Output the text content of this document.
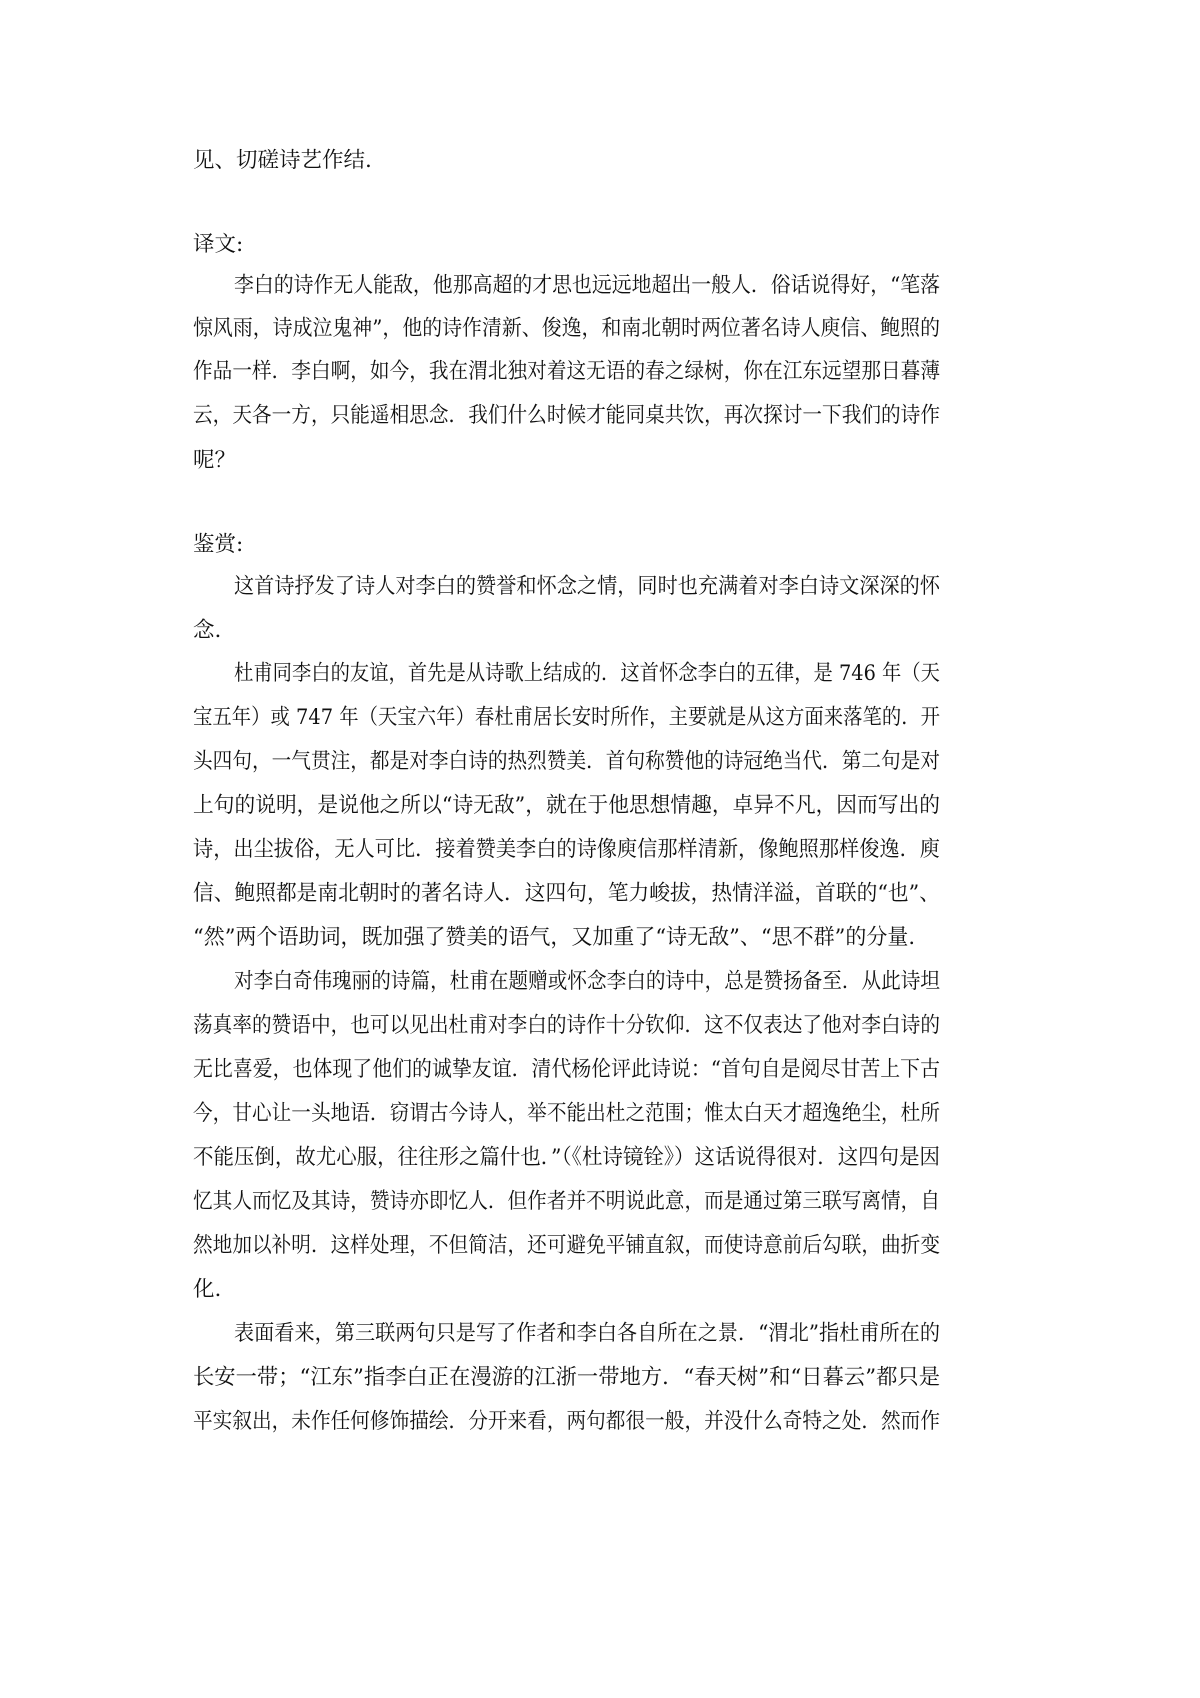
见、切磋诗艺作结.
译文:
李白的诗作无人能敌，他那高超的才思也远远地超出一般人．俗话说得好，“笔落
惊风雨，诗成泣鬼神”，他的诗作清新、俊逸，和南北朝时两位著名诗人庾信、鲍照的
作品一样．李白啊，如今，我在渭北独对着这无语的春之绿树，你在江东远望那日暮薄
云，天各一方，只能遥相思念．我们什么时候才能同桌共饮，再次探讨一下我们的诗作
呢？
鉴赏:
这首诗抒发了诗人对李白的赞誉和怀念之情，同时也充满着对李白诗文深深的怀
念.
杜甫同李白的友谊，首先是从诗歌上结成的．这首怀念李白的五律，是 746 年（天
宝五年）或 747 年（天宝六年）春杜甫居长安时所作，主要就是从这方面来落笔的．开
头四句，一气贯注，都是对李白诗的热烈赞美．首句称赞他的诗冠绝当代．第二句是对
上句的说明，是说他之所以“诗无敌”，就在于他思想情趣，卓异不凡，因而写出的
诗，出尘拔俗，无人可比．接着赞美李白的诗像庾信那样清新，像鲍照那样俊逸．庾
信、鲍照都是南北朝时的著名诗人．这四句，笔力峻拔，热情洋溢，首联的“也”、
“然”两个语助词，既加强了赞美的语气，又加重了“诗无敌”、“思不群”的分量.
对李白奇伟瑰丽的诗篇，杜甫在题赠或怀念李白的诗中，总是赞扬备至．从此诗坦
荡真率的赞语中，也可以见出杜甫对李白的诗作十分钦仰．这不仅表达了他对李白诗的
无比喜爱，也体现了他们的诚挚友谊．清代杨伦评此诗说：“首句自是阅尽甘苦上下古
今，甘心让一头地语．窃谓古今诗人，举不能出杜之范围；惟太白天才超逸绝尘，杜所
不能压倒，故尤心服，往往形之篇什也．”（《杜诗镜铨》）这话说得很对．这四句是因
忆其人而忆及其诗，赞诗亦即忆人．但作者并不明说此意，而是通过第三联写离情，自
然地加以补明．这样处理，不但简洁，还可避免平铺直叙，而使诗意前后勾联，曲折变
化.
表面看来，第三联两句只是写了作者和李白各自所在之景．“渭北”指杜甫所在的
长安一带；“江东”指李白正在漫游的江浙一带地方．“春天树”和“日暮云”都只是
平实叙出，未作任何修饰描绘．分开来看，两句都很一般，并没什么奇特之处．然而作
